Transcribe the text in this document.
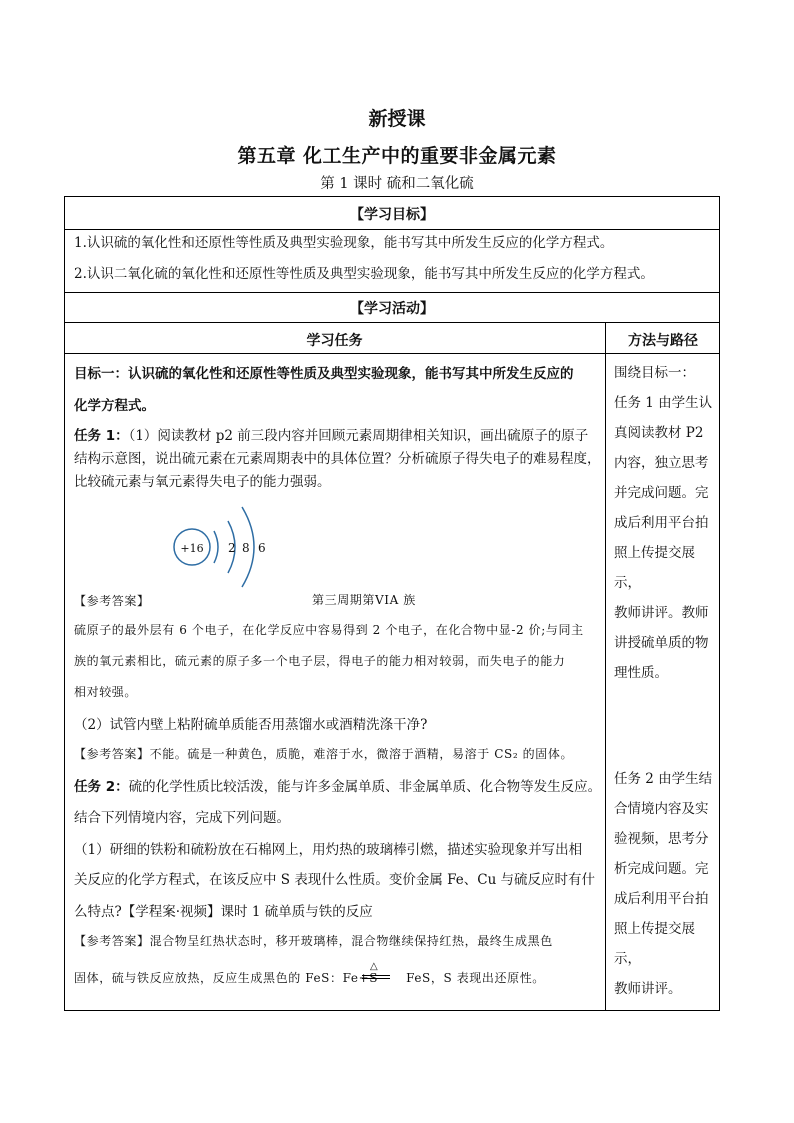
新授课
第五章 化工生产中的重要非金属元素
第 1 课时 硫和二氧化硫
【学习目标】
1.认识硫的氧化性和还原性等性质及典型实验现象，能书写其中所发生反应的化学方程式。
2.认识二氧化硫的氧化性和还原性等性质及典型实验现象，能书写其中所发生反应的化学方程式。
【学习活动】
学习任务	方法与路径
目标一：认识硫的氧化性和还原性等性质及典型实验现象，能书写其中所发生反应的
化学方程式。
任务 1：（1）阅读教材 p2 前三段内容并回顾元素周期律相关知识，画出硫原子的原子
结构示意图，说出硫元素在元素周期表中的具体位置？分析硫原子得失电子的难易程度，
比较硫元素与氧元素得失电子的能力强弱。
+16 2 8 6
【参考答案】	第三周期第VIA 族
硫原子的最外层有 6 个电子，在化学反应中容易得到 2 个电子，在化合物中显-2 价;与同主
族的氧元素相比，硫元素的原子多一个电子层，得电子的能力相对较弱，而失电子的能力
相对较强。
（2）试管内壁上粘附硫单质能否用蒸馏水或酒精洗涤干净?
【参考答案】不能。硫是一种黄色，质脆，难溶于水，微溶于酒精，易溶于 CS₂ 的固体。
任务 2：硫的化学性质比较活泼，能与许多金属单质、非金属单质、化合物等发生反应。
结合下列情境内容，完成下列问题。
（1）研细的铁粉和硫粉放在石棉网上，用灼热的玻璃棒引燃，描述实验现象并写出相
关反应的化学方程式，在该反应中 S 表现什么性质。变价金属 Fe、Cu 与硫反应时有什
么特点?【学程案·视频】课时 1 硫单质与铁的反应
【参考答案】混合物呈红热状态时，移开玻璃棒，混合物继续保持红热，最终生成黑色
固体，硫与铁反应放热，反应生成黑色的 FeS：Fe+S FeS，S 表现出还原性。
△
围绕目标一：
任务 1 由学生认
真阅读教材 P2
内容，独立思考
并完成问题。完
成后利用平台拍
照上传提交展示，
教师讲评。教师
讲授硫单质的物
理性质。
任务 2 由学生结
合情境内容及实
验视频，思考分
析完成问题。完
成后利用平台拍
照上传提交展示，
教师讲评。
